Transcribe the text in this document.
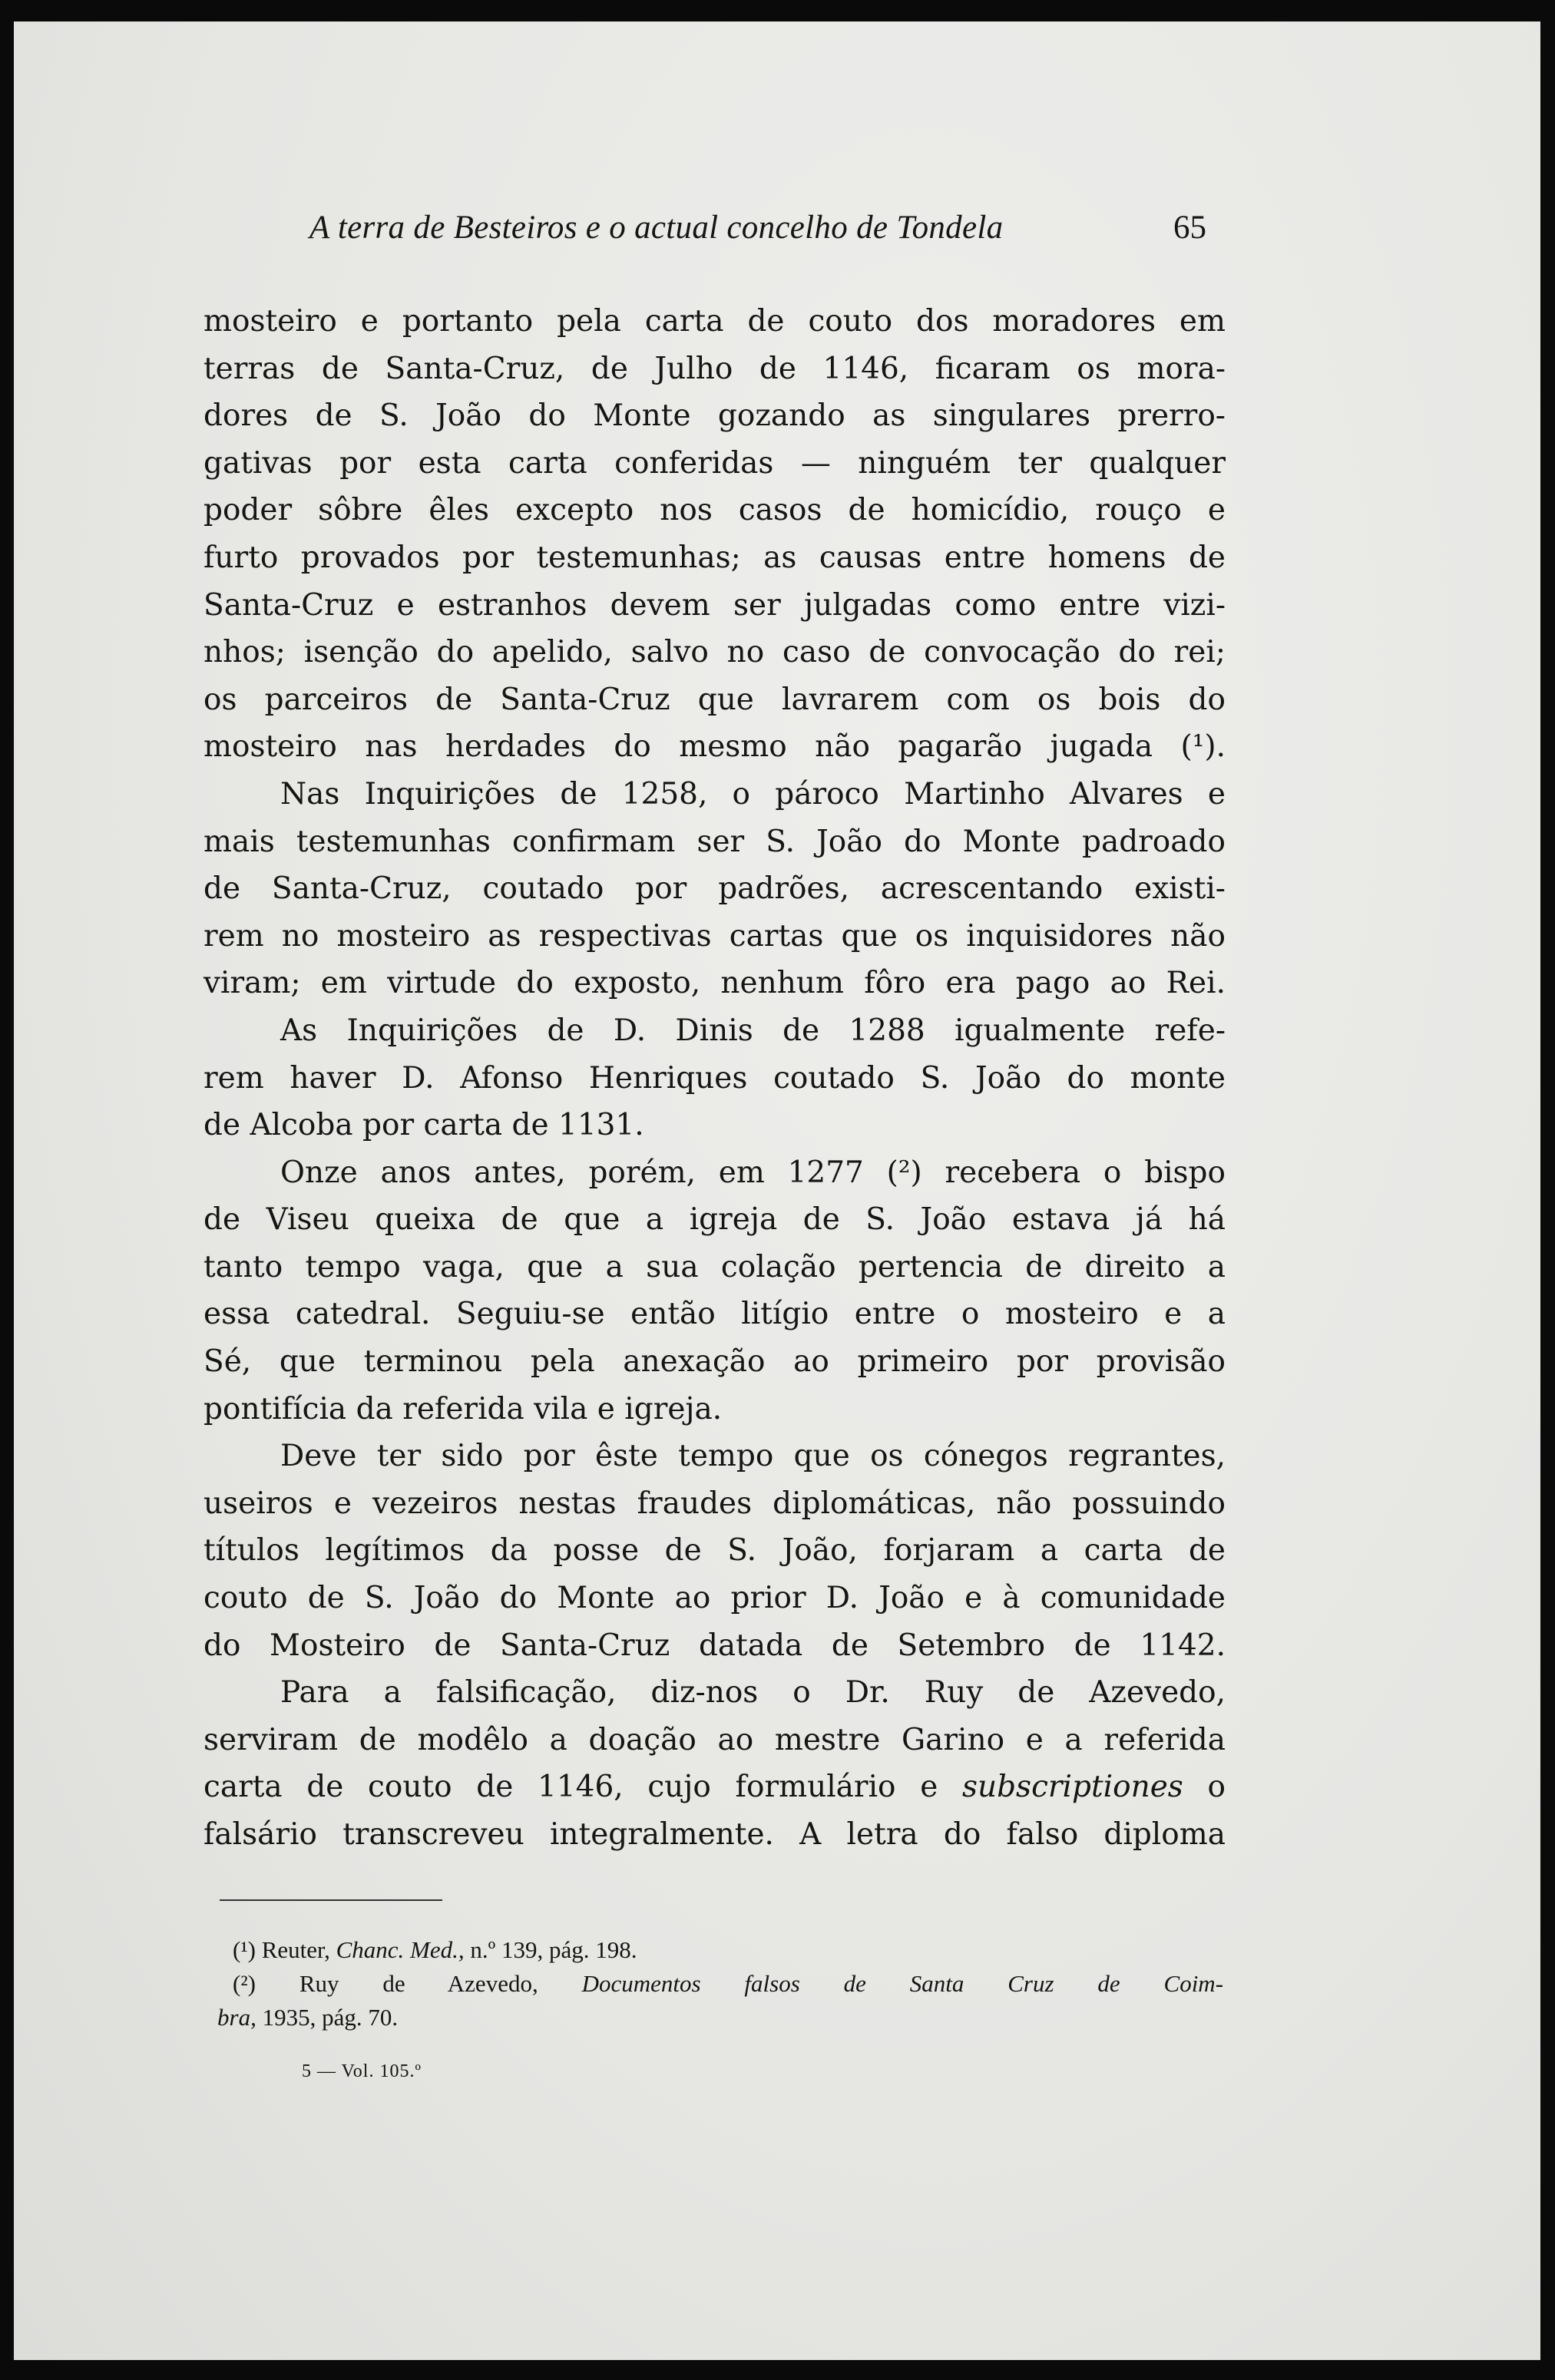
A terra de Besteiros e o actual concelho de Tondela	65
mosteiro e portanto pela carta de couto dos moradores em
terras de Santa-Cruz, de Julho de 1146, ficaram os mora-
dores de S. João do Monte gozando as singulares prerro-
gativas por esta carta conferidas — ninguém ter qualquer
poder sôbre êles excepto nos casos de homicídio, rouço e
furto provados por testemunhas; as causas entre homens de
Santa-Cruz e estranhos devem ser julgadas como entre vizi-
nhos; isenção do apelido, salvo no caso de convocação do rei;
os parceiros de Santa-Cruz que lavrarem com os bois do
mosteiro nas herdades do mesmo não pagarão jugada (¹).
Nas Inquirições de 1258, o pároco Martinho Alvares e
mais testemunhas confirmam ser S. João do Monte padroado
de Santa-Cruz, coutado por padrões, acrescentando existi-
rem no mosteiro as respectivas cartas que os inquisidores não
viram; em virtude do exposto, nenhum fôro era pago ao Rei.
As Inquirições de D. Dinis de 1288 igualmente refe-
rem haver D. Afonso Henriques coutado S. João do monte
de Alcoba por carta de 1131.
Onze anos antes, porém, em 1277 (²) recebera o bispo
de Viseu queixa de que a igreja de S. João estava já há
tanto tempo vaga, que a sua colação pertencia de direito a
essa catedral. Seguiu-se então litígio entre o mosteiro e a
Sé, que terminou pela anexação ao primeiro por provisão
pontifícia da referida vila e igreja.
Deve ter sido por êste tempo que os cónegos regrantes,
useiros e vezeiros nestas fraudes diplomáticas, não possuindo
títulos legítimos da posse de S. João, forjaram a carta de
couto de S. João do Monte ao prior D. João e à comunidade
do Mosteiro de Santa-Cruz datada de Setembro de 1142.
Para a falsificação, diz-nos o Dr. Ruy de Azevedo,
serviram de modêlo a doação ao mestre Garino e a referida
carta de couto de 1146, cujo formulário e subscriptiones o
falsário transcreveu integralmente. A letra do falso diploma
(¹) Reuter, Chanc. Med., n.º 139, pág. 198.
(²) Ruy de Azevedo, Documentos falsos de Santa Cruz de Coim-
bra, 1935, pág. 70.
5 — Vol. 105.º
